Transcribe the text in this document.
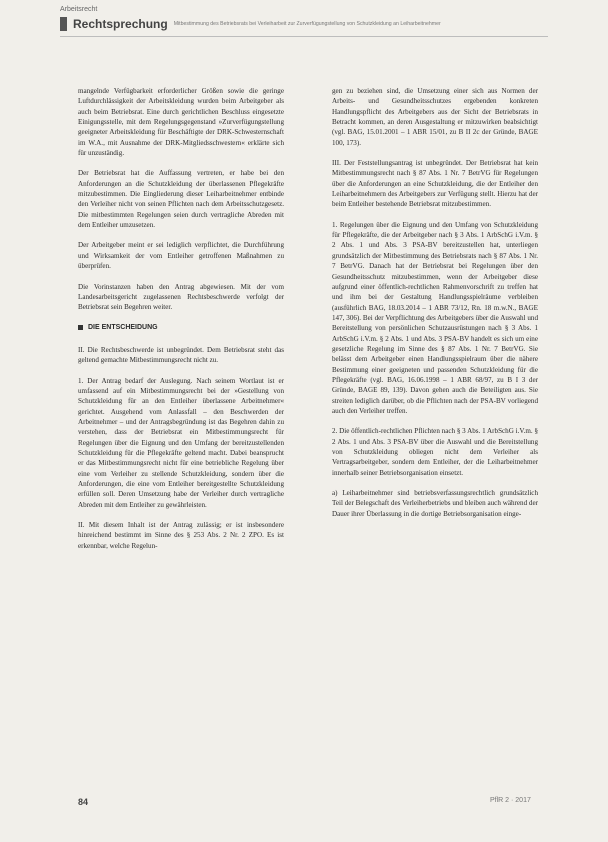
Arbeitsrecht
Rechtsprechung Mitbestimmung des Betriebsrats bei Verleiharbeit zur Zurverfügungstellung von Schutzkleidung an Leiharbeitnehmer

mangelnde Verfügbarkeit erforderlicher Größen sowie die geringe Luftdurchlässigkeit der Arbeitskleidung wurden beim Arbeitgeber als auch beim Betriebsrat. Eine durch gerichtlichen Beschluss eingesetzte Einigungsstelle, mit dem Regelungsgegenstand »Zurverfügungstellung geeigneter Arbeitskleidung für Beschäftigte der DRK-Schwesternschaft im W.A., mit Ausnahme der DRK-Mitgliedsschwestern« erklärte sich für unzuständig.

Der Betriebsrat hat die Auffassung vertreten, er habe bei den Anforderungen an die Schutzkleidung der überlassenen Pflegekräfte mitzubestimmen. Die Eingliederung dieser Leiharbeitnehmer entbinde den Verleiher nicht von seinen Pflichten nach dem Arbeitsschutzgesetz. Die mitbestimmten Regelungen seien durch vertragliche Abreden mit dem Entleiher umzusetzen.

Der Arbeitgeber meint er sei lediglich verpflichtet, die Durchführung und Wirksamkeit der vom Entleiher getroffenen Maßnahmen zu überprüfen.

Die Vorinstanzen haben den Antrag abgewiesen. Mit der vom Landesarbeitsgericht zugelassenen Rechtsbeschwerde verfolgt der Betriebsrat sein Begehren weiter.

DIE ENTSCHEIDUNG

II. Die Rechtsbeschwerde ist unbegründet. Dem Betriebsrat steht das geltend gemachte Mitbestimmungsrecht nicht zu.

1. Der Antrag bedarf der Auslegung. Nach seinem Wortlaut ist er umfassend auf ein Mitbestimmungsrecht bei der »Gestellung von Schutzkleidung für an den Entleiher überlassene Arbeitnehmer« gerichtet. Ausgehend vom Anlassfall – den Beschwerden der Arbeitnehmer – und der Antragsbegründung ist das Begehren dahin zu verstehen, dass der Betriebsrat ein Mitbestimmungsrecht für Regelungen über die Eignung und den Umfang der bereitzustellenden Schutzkleidung für die Pflegekräfte geltend macht. Dabei beansprucht er das Mitbestimmungsrecht nicht für eine betriebliche Regelung über eine vom Verleiher zu stellende Schutzkleidung, sondern über die Anforderungen, die eine vom Entleiher bereitgestellte Schutzkleidung erfüllen soll. Deren Umsetzung habe der Verleiher durch vertragliche Abreden mit dem Entleiher zu gewährleisten.

II. Mit diesem Inhalt ist der Antrag zulässig; er ist insbesondere hinreichend bestimmt im Sinne des § 253 Abs. 2 Nr. 2 ZPO. Es ist erkennbar, welche Regelun-

gen zu beziehen sind, die Umsetzung einer sich aus Normen der Arbeits- und Gesundheitsschutzes ergebenden konkreten Handlungspflicht des Arbeitgebers aus der Sicht der Betriebsrats in Betracht kommen, an deren Ausgestaltung er mitzuwirken beabsichtigt (vgl. BAG, 15.01.2001 – 1 ABR 15/01, zu B II 2c der Gründe, BAGE 100, 173).

III. Der Feststellungsantrag ist unbegründet. Der Betriebsrat hat kein Mitbestimmungsrecht nach § 87 Abs. 1 Nr. 7 BetrVG für Regelungen über die Anforderungen an eine Schutzkleidung, die der Entleiher den Leiharbeitnehmern des Arbeitgebers zur Verfügung stellt. Hierzu hat der beim Entleiher bestehende Betriebsrat mitzubestimmen.

1. Regelungen über die Eignung und den Umfang von Schutzkleidung für Pflegekräfte, die der Arbeitgeber nach § 3 Abs. 1 ArbSchG i.V.m. § 2 Abs. 1 und Abs. 3 PSA-BV bereitzustellen hat, unterliegen grundsätzlich der Mitbestimmung des Betriebsrats nach § 87 Abs. 1 Nr. 7 BetrVG. Danach hat der Betriebsrat bei Regelungen über den Gesundheitsschutz mitzubestimmen, wenn der Arbeitgeber diese aufgrund einer öffentlich-rechtlichen Rahmenvorschrift zu treffen hat und ihm bei der Gestaltung Handlungsspielräume verbleiben (ausführlich BAG, 18.03.2014 – 1 ABR 73/12, Rn. 18 m.w.N., BAGE 147, 306). Bei der Verpflichtung des Arbeitgebers über die Auswahl und Bereitstellung von persönlichen Schutzausrüstungen nach § 3 Abs. 1 ArbSchG i.V.m. § 2 Abs. 1 und Abs. 3 PSA-BV handelt es sich um eine gesetzliche Regelung im Sinne des § 87 Abs. 1 Nr. 7 BetrVG. Sie belässt dem Arbeitgeber einen Handlungsspielraum über die nähere Bestimmung einer geeigneten und passenden Schutzkleidung für die Pflegekräfte (vgl. BAG, 16.06.1998 – 1 ABR 68/97, zu B I 3 der Gründe, BAGE 89, 139). Davon gehen auch die Beteiligten aus. Sie streiten lediglich darüber, ob die Pflichten nach der PSA-BV vorliegend auch den Verleiher treffen.

2. Die öffentlich-rechtlichen Pflichten nach § 3 Abs. 1 ArbSchG i.V.m. § 2 Abs. 1 und Abs. 3 PSA-BV über die Auswahl und die Bereitstellung von Schutzkleidung obliegen nicht dem Verleiher als Vertragsarbeitgeber, sondern dem Entleiher, der die Leiharbeitnehmer innerhalb seiner Betriebsorganisation einsetzt.

a) Leiharbeitnehmer sind betriebsverfassungsrechtlich grundsätzlich Teil der Belegschaft des Verleiherbetriebs und bleiben auch während der Dauer ihrer Überlassung in die dortige Betriebsorganisation einge-

84	PflR 2 · 2017
